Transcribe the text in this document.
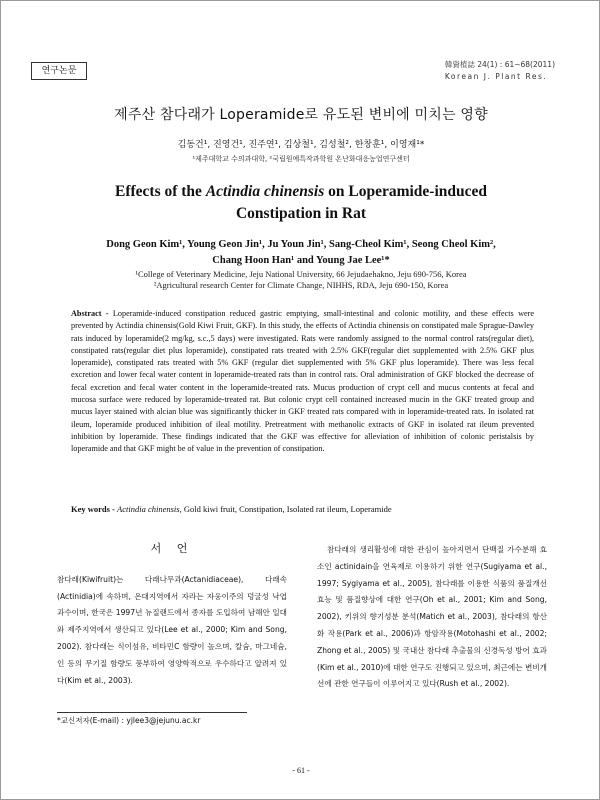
연구논문
韓資植誌 24(1) : 61∼68(2011)
Korean J. Plant Res.
제주산 참다래가 Loperamide로 유도된 변비에 미치는 영향
김동건¹, 진영건¹, 진주연¹, 김상철¹, 김성철², 한창훈¹, 이영재¹*
¹제주대학교 수의과대학, ²국립원예특작과학원 온난화대응농업연구센터
Effects of the Actindia chinensis on Loperamide-induced
Constipation in Rat
Dong Geon Kim¹, Young Geon Jin¹, Ju Youn Jin¹, Sang-Cheol Kim¹, Seong Cheol Kim²,
Chang Hoon Han¹ and Young Jae Lee¹*
¹College of Veterinary Medicine, Jeju National University, 66 Jejudaehakno, Jeju 690-756, Korea
²Agricultural research Center for Climate Change, NIHHS, RDA, Jeju 690-150, Korea
Abstract - Loperamide-induced constipation reduced gastric emptying, small-intestinal and colonic motility, and these effects were prevented by Actindia chinensis(Gold Kiwi Fruit, GKF). In this study, the effects of Actindia chinensis on constipated male Sprague-Dawley rats induced by loperamide(2 mg/kg, s.c.,5 days) were investigated. Rats were randomly assigned to the normal control rats(regular diet), constipated rats(regular diet plus loperamide), constipated rats treated with 2.5% GKF(regular diet supplemented with 2.5% GKF plus loperamide), constipated rats treated with 5% GKF (regular diet supplemented with 5% GKF plus loperamide). There was less fecal excretion and lower fecal water content in loperamide-treated rats than in control rats. Oral administration of GKF blocked the decrease of fecal excretion and fecal water content in the loperamide-treated rats. Mucus production of crypt cell and mucus contents at fecal and mucosa surface were reduced by loperamide-treated rat. But colonic crypt cell contained increased mucin in the GKF treated group and mucus layer stained with alcian blue was significantly thicker in GKF treated rats compared with in loperamide-treated rats. In isolated rat ileum, loperamide produced inhibition of ileal motility. Pretreatment with methanolic extracts of GKF in isolated rat ileum prevented inhibition by loperamide. These findings indicated that the GKF was effective for alleviation of inhibition of colonic peristalsis by loperamide and that GKF might be of value in the prevention of constipation.
Key words - Actindia chinensis, Gold kiwi fruit, Constipation, Isolated rat ileum, Loperamide
서 언
참다래(Kiwifruit)는 다래나무과(Actanidiaceae), 다래속(Actinidia)에 속하며, 온대지역에서 자라는 자웅이주의 덩굴성 낙엽과수이며, 한국은 1997년 뉴질랜드에서 종자를 도입하여 남해안 일대와 제주지역에서 생산되고 있다(Lee et al., 2000; Kim and Song, 2002). 참다래는 식이섬유, 비타민C 함량이 높으며, 칼슘, 마그네슘, 인 등의 무기질 함량도 풍부하여 영양학적으로 우수하다고 알려져 있다(Kim et al., 2003).
참다래의 생리활성에 대한 관심이 높아지면서 단백질 가수분해 효소인 actinidain을 연육제로 이용하기 위한 연구(Sugiyama et al., 1997; Sygiyama et al., 2005), 참다래를 이용한 식품의 품질개선 효능 및 품질향상에 대한 연구(Oh et al., 2001; Kim and Song, 2002), 키위의 향기성분 분석(Matich et al., 2003), 참다래의 항산화 작용(Park et al., 2006)과 항암작용(Motohashi et al., 2002; Zhong et al., 2005) 및 국내산 참다래 추출물의 신경독성 방어 효과(Kim et al., 2010)에 대한 연구도 진행되고 있으며, 최근에는 변비개선에 관한 연구들이 이루어지고 있다(Rush et al., 2002).
*교신저자(E-mail) : yjlee3@jejunu.ac.kr
- 61 -
